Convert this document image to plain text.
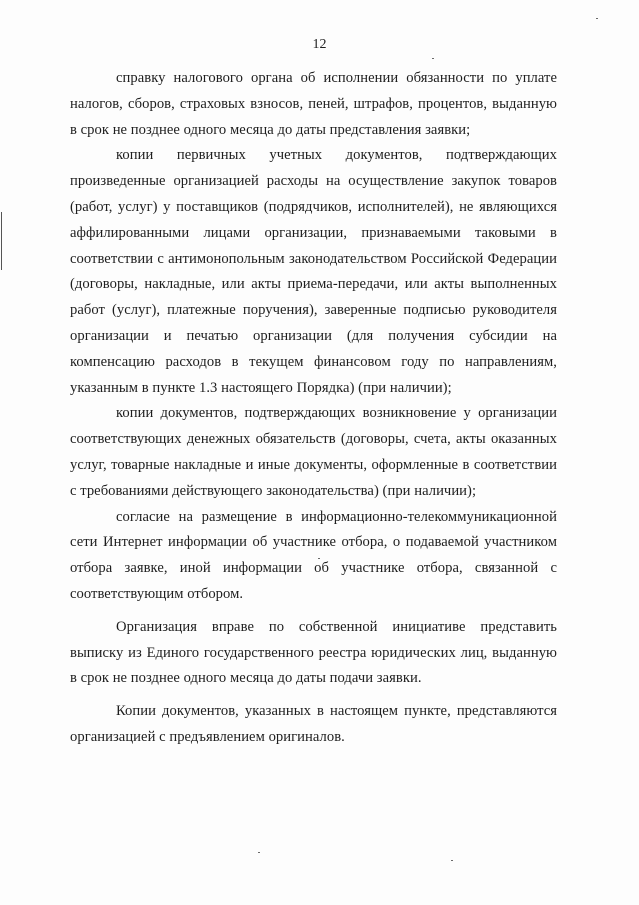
12

справку налогового органа об исполнении обязанности по уплате налогов, сборов, страховых взносов, пеней, штрафов, процентов, выданную в срок не позднее одного месяца до даты представления заявки;

копии первичных учетных документов, подтверждающих произведенные организацией расходы на осуществление закупок товаров (работ, услуг) у поставщиков (подрядчиков, исполнителей), не являющихся аффилированными лицами организации, признаваемыми таковыми в соответствии с антимонопольным законодательством Российской Федерации (договоры, накладные, или акты приема-передачи, или акты выполненных работ (услуг), платежные поручения), заверенные подписью руководителя организации и печатью организации (для получения субсидии на компенсацию расходов в текущем финансовом году по направлениям, указанным в пункте 1.3 настоящего Порядка) (при наличии);

копии документов, подтверждающих возникновение у организации соответствующих денежных обязательств (договоры, счета, акты оказанных услуг, товарные накладные и иные документы, оформленные в соответствии с требованиями действующего законодательства) (при наличии);

согласие на размещение в информационно-телекоммуникационной сети Интернет информации об участнике отбора, о подаваемой участником отбора заявке, иной информации об участнике отбора, связанной с соответствующим отбором.

Организация вправе по собственной инициативе представить выписку из Единого государственного реестра юридических лиц, выданную в срок не позднее одного месяца до даты подачи заявки.

Копии документов, указанных в настоящем пункте, представляются организацией с предъявлением оригиналов.
